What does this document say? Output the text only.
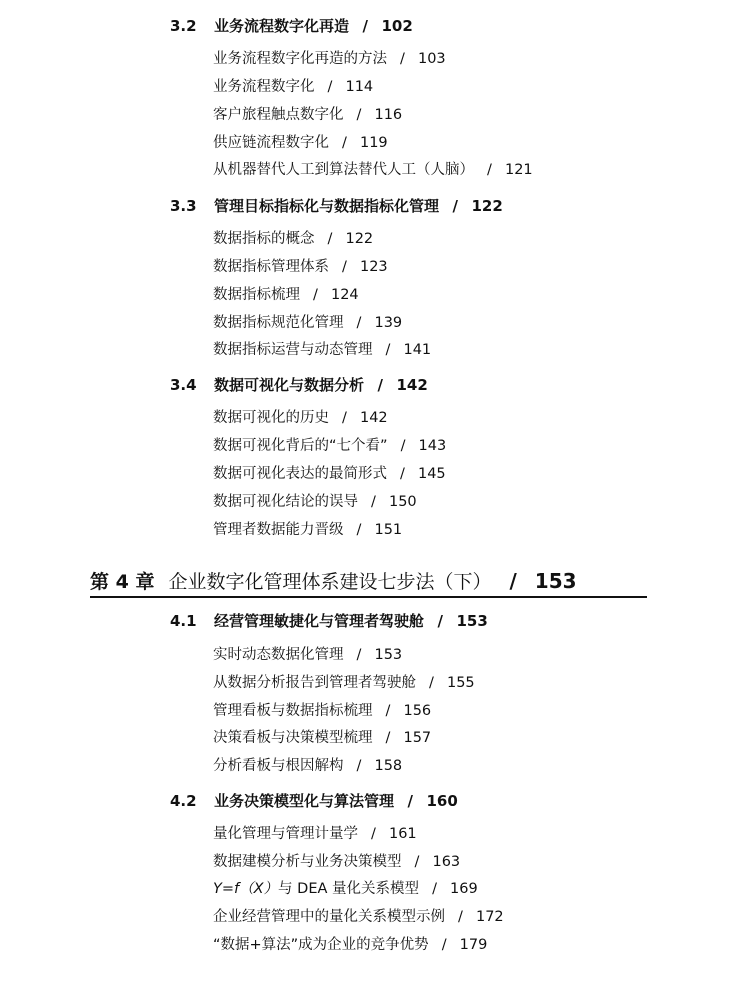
3.2 业务流程数字化再造 / 102
业务流程数字化再造的方法 / 103
业务流程数字化 / 114
客户旅程触点数字化 / 116
供应链流程数字化 / 119
从机器替代人工到算法替代人工（人脑） / 121
3.3 管理目标指标化与数据指标化管理 / 122
数据指标的概念 / 122
数据指标管理体系 / 123
数据指标梳理 / 124
数据指标规范化管理 / 139
数据指标运营与动态管理 / 141
3.4 数据可视化与数据分析 / 142
数据可视化的历史 / 142
数据可视化背后的“七个看” / 143
数据可视化表达的最简形式 / 145
数据可视化结论的误导 / 150
管理者数据能力晋级 / 151
第 4 章 企业数字化管理体系建设七步法（下） / 153
4.1 经营管理敏捷化与管理者驾驶舱 / 153
实时动态数据化管理 / 153
从数据分析报告到管理者驾驶舱 / 155
管理看板与数据指标梳理 / 156
决策看板与决策模型梳理 / 157
分析看板与根因解构 / 158
4.2 业务决策模型化与算法管理 / 160
量化管理与管理计量学 / 161
数据建模分析与业务决策模型 / 163
Y=f（X）与 DEA 量化关系模型 / 169
企业经营管理中的量化关系模型示例 / 172
“数据+算法”成为企业的竞争优势 / 179
